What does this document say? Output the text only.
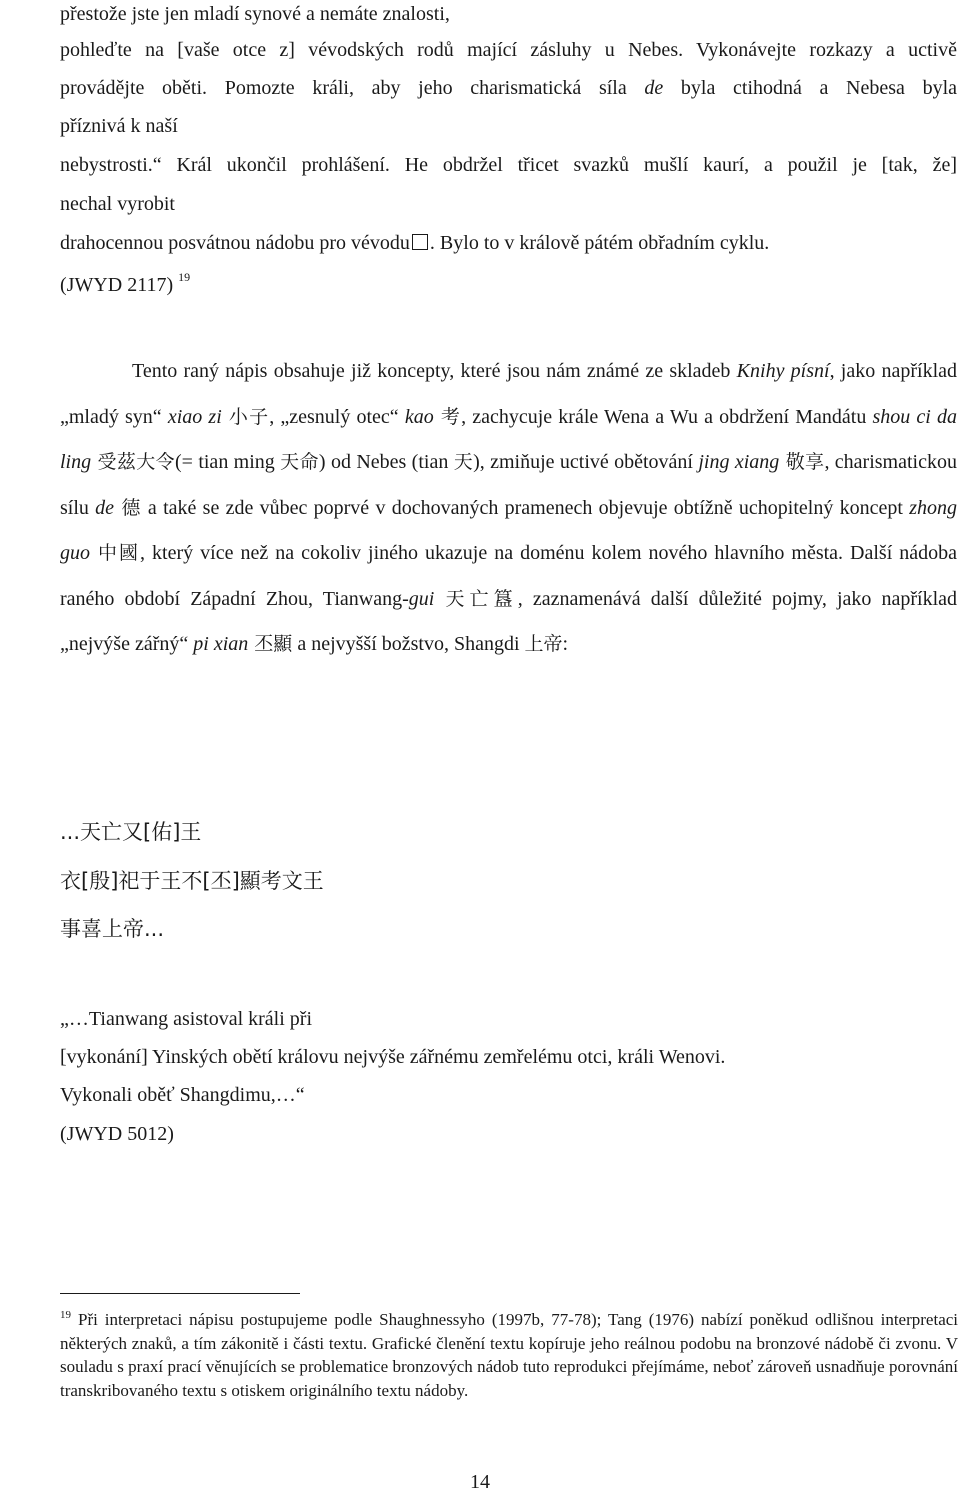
přestože jste jen mladí synové a nemáte znalosti,
pohleďte na [vaše otce z] vévodských rodů mající zásluhy u Nebes. Vykonávejte rozkazy a uctivě
provádějte oběti. Pomozte králi, aby jeho charismatická síla de byla ctihodná a Nebesa byla
příznivá k naší
nebystrosti.“ Král ukončil prohlášení. He obdržel třicet svazků mušlí kaurí, a použil je [tak, že]
nechal vyrobit
drahocennou posvátnou nádobu pro vévodu . Bylo to v králově pátém obřadním cyklu.
(JWYD 2117) $^{19}$
Tento raný nápis obsahuje již koncepty, které jsou nám známé ze skladeb Knihy písní, jako například „mladý syn“ xiao zi 小子, „zesnulý otec“ kao 考, zachycuje krále Wena a Wu a obdržení Mandátu shou ci da ling 受茲大令(= tian ming 天命) od Nebes (tian 天), zmiňuje uctivé obětování jing xiang 敬享, charismatickou sílu de 德 a také se zde vůbec poprvé v dochovaných pramenech objevuje obtížně uchopitelný koncept zhong guo 中國, který více než na cokoliv jiného ukazuje na doménu kolem nového hlavního města. Další nádoba raného období Západní Zhou, Tianwang-gui 天亡簋, zaznamenává další důležité pojmy, jako například „nejvýše zářný“ pi xian 丕顯 a nejvyšší božstvo, Shangdi 上帝:
...天亡又[佑]王
衣[殷]祀于王不[丕]顯考文王
事喜上帝...
„…Tianwang asistoval králi při
[vykonání] Yinských obětí královu nejvýše zářnému zemřelému otci, králi Wenovi.
Vykonali oběť Shangdimu,…“
(JWYD 5012)
$^{19}$ Při interpretaci nápisu postupujeme podle Shaughnessyho (1997b, 77-78); Tang (1976) nabízí poněkud odlišnou interpretaci některých znaků, a tím zákonitě i části textu. Grafické členění textu kopíruje jeho reálnou podobu na bronzové nádobě či zvonu. V souladu s praxí prací věnujících se problematice bronzových nádob tuto reprodukci přejímáme, neboť zároveň usnadňuje porovnání transkribovaného textu s otiskem originálního textu nádoby.
14
